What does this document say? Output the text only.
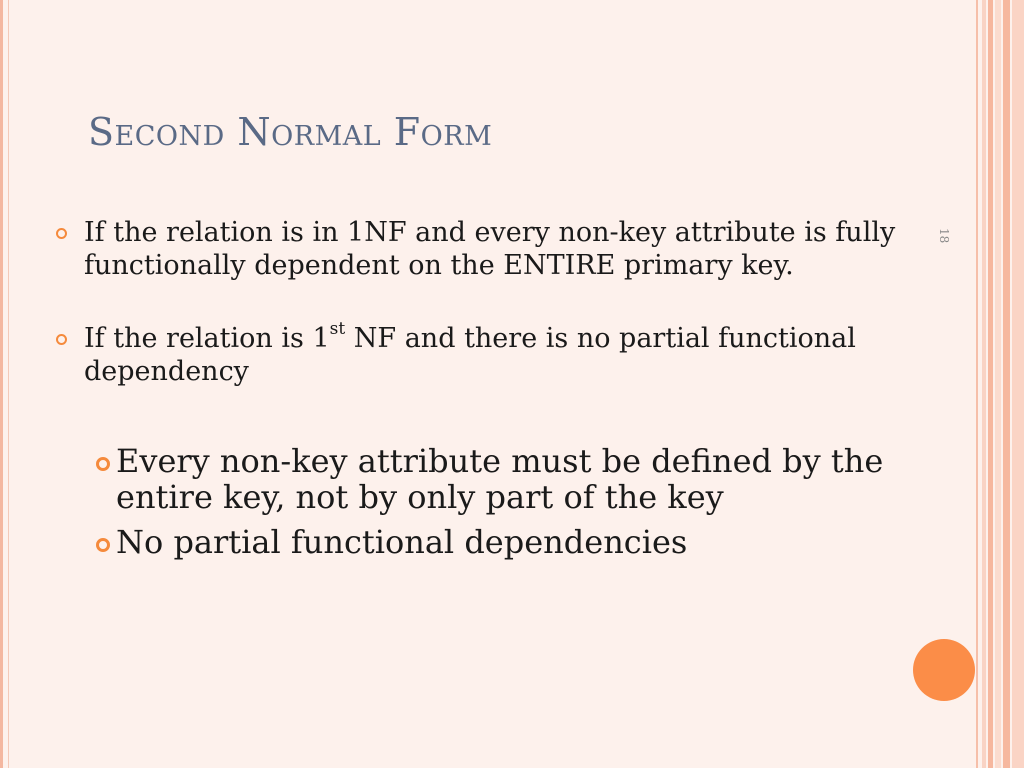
18
Second Normal Form
If the relation is in 1NF and every non-key attribute is fully functionally dependent on the ENTIRE primary key.
If the relation is 1st NF and there is no partial functional dependency
Every non-key attribute must be defined by the entire key, not by only part of the key
No partial functional dependencies
